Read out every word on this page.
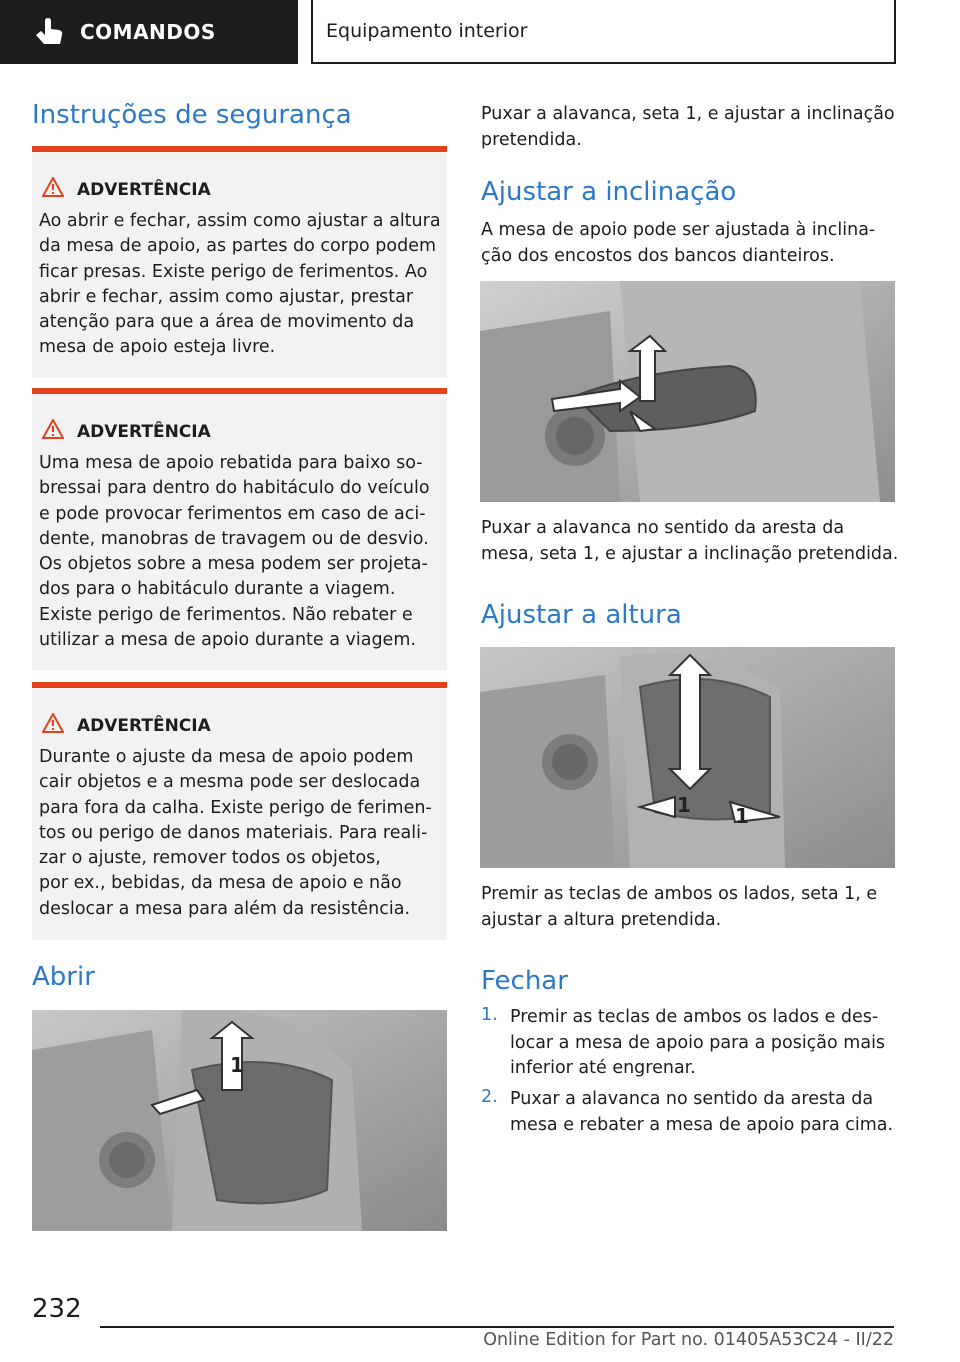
COMANDOS	Equipamento interior
Instruções de segurança
ADVERTÊNCIA
Ao abrir e fechar, assim como ajustar a altura
da mesa de apoio, as partes do corpo podem
ficar presas. Existe perigo de ferimentos. Ao
abrir e fechar, assim como ajustar, prestar
atenção para que a área de movimento da
mesa de apoio esteja livre.
ADVERTÊNCIA
Uma mesa de apoio rebatida para baixo so-
bressai para dentro do habitáculo do veículo
e pode provocar ferimentos em caso de aci-
dente, manobras de travagem ou de desvio.
Os objetos sobre a mesa podem ser projeta-
dos para o habitáculo durante a viagem.
Existe perigo de ferimentos. Não rebater e
utilizar a mesa de apoio durante a viagem.
ADVERTÊNCIA
Durante o ajuste da mesa de apoio podem
cair objetos e a mesma pode ser deslocada
para fora da calha. Existe perigo de ferimen-
tos ou perigo de danos materiais. Para reali-
zar o ajuste, remover todos os objetos,
por ex., bebidas, da mesa de apoio e não
deslocar a mesa para além da resistência.
Abrir
1
Puxar a alavanca, seta 1, e ajustar a inclinação
pretendida.
Ajustar a inclinação
A mesa de apoio pode ser ajustada à inclina-
ção dos encostos dos bancos dianteiros.
Puxar a alavanca no sentido da aresta da
mesa, seta 1, e ajustar a inclinação pretendida.
Ajustar a altura
1 1
Premir as teclas de ambos os lados, seta 1, e
ajustar a altura pretendida.
Fechar
1. Premir as teclas de ambos os lados e des-
locar a mesa de apoio para a posição mais
inferior até engrenar.
2. Puxar a alavanca no sentido da aresta da
mesa e rebater a mesa de apoio para cima.
232
Online Edition for Part no. 01405A53C24 - II/22
